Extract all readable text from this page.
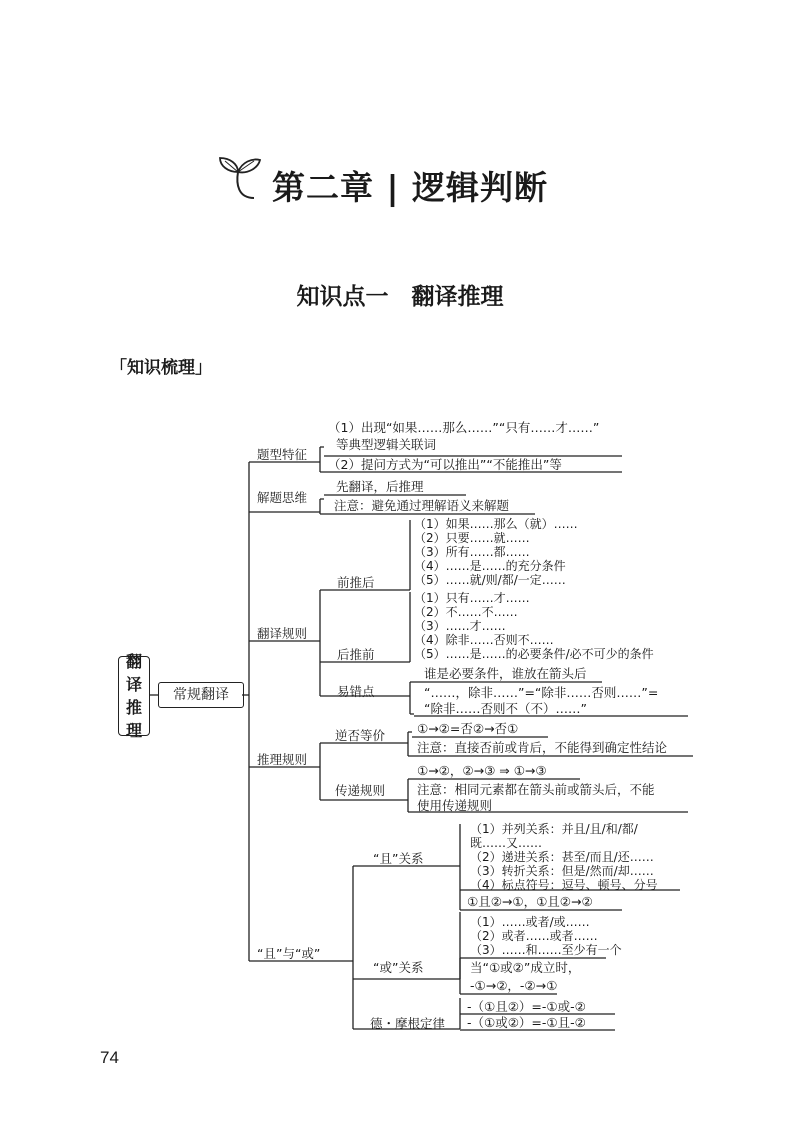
第二章 | 逻辑判断
知识点一　翻译推理
「知识梳理」
翻
译
推
理
常规翻译
题型特征
（1）出现“如果……那么……”“只有……才……”
等典型逻辑关联词
（2）提问方式为“可以推出”“不能推出”等
解题思维
先翻译，后推理
注意：避免通过理解语义来解题
翻译规则
前推后
（1）如果……那么（就）……
（2）只要……就……
（3）所有……都……
（4）……是……的充分条件
（5）……就/则/都/一定……
后推前
（1）只有……才……
（2）不……不……
（3）……才……
（4）除非……否则不……
（5）……是……的必要条件/必不可少的条件
易错点
谁是必要条件，谁放在箭头后
“……，除非……”=“除非……否则……”=
“除非……否则不（不）……”
推理规则
逆否等价	①→②=否②→否①
注意：直接否前或肯后，不能得到确定性结论
传递规则
①→②，②→③ ⇒ ①→③
注意：相同元素都在箭头前或箭头后，不能
使用传递规则
“且”与“或”
“且”关系
（1）并列关系：并且/且/和/都/
既……又……
（2）递进关系：甚至/而且/还……
（3）转折关系：但是/然而/却……
（4）标点符号：逗号、顿号、分号
①且②→①，①且②→②
“或”关系
（1）……或者/或……
（2）或者……或者……
（3）……和……至少有一个
当“①或②”成立时，
-①→②，-②→①
德・摩根定律
-（①且②）=-①或-②
-（①或②）=-①且-②
74
